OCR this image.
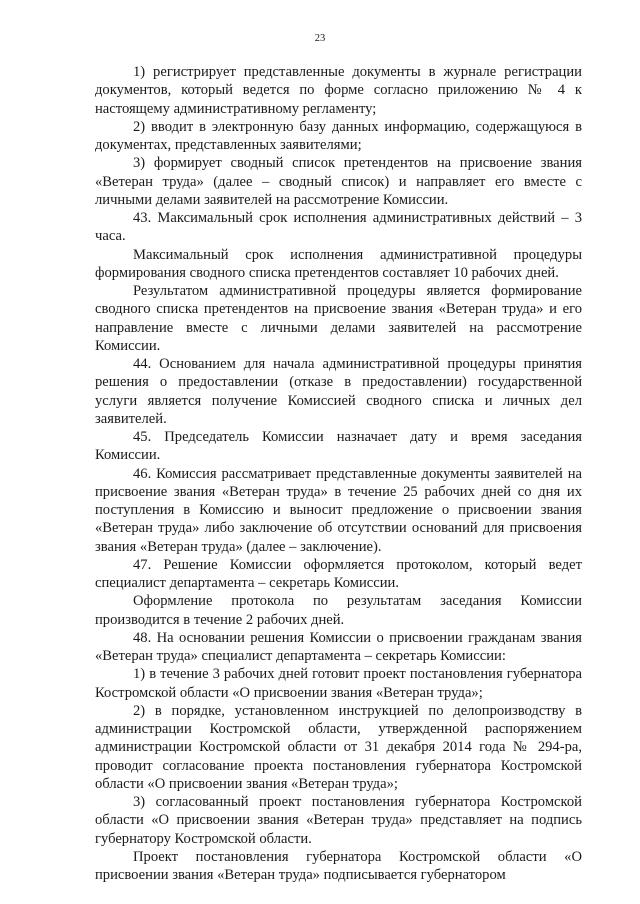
23

1) регистрирует представленные документы в журнале регистрации документов, который ведется по форме согласно приложению № 4 к настоящему административному регламенту;

2) вводит в электронную базу данных информацию, содержащуюся в документах, представленных заявителями;

3) формирует сводный список претендентов на присвоение звания «Ветеран труда» (далее – сводный список) и направляет его вместе с личными делами заявителей на рассмотрение Комиссии.

43. Максимальный срок исполнения административных действий – 3 часа.

Максимальный срок исполнения административной процедуры формирования сводного списка претендентов составляет 10 рабочих дней.

Результатом административной процедуры является формирование сводного списка претендентов на присвоение звания «Ветеран труда» и его направление вместе с личными делами заявителей на рассмотрение Комиссии.

44. Основанием для начала административной процедуры принятия решения о предоставлении (отказе в предоставлении) государственной услуги является получение Комиссией сводного списка и личных дел заявителей.

45. Председатель Комиссии назначает дату и время заседания Комиссии.

46. Комиссия рассматривает представленные документы заявителей на присвоение звания «Ветеран труда» в течение 25 рабочих дней со дня их поступления в Комиссию и выносит предложение о присвоении звания «Ветеран труда» либо заключение об отсутствии оснований для присвоения звания «Ветеран труда» (далее – заключение).

47. Решение Комиссии оформляется протоколом, который ведет специалист департамента – секретарь Комиссии.

Оформление протокола по результатам заседания Комиссии производится в течение 2 рабочих дней.

48. На основании решения Комиссии о присвоении гражданам звания «Ветеран труда» специалист департамента – секретарь Комиссии:

1) в течение 3 рабочих дней готовит проект постановления губернатора Костромской области «О присвоении звания «Ветеран труда»;

2) в порядке, установленном инструкцией по делопроизводству в администрации Костромской области, утвержденной распоряжением администрации Костромской области от 31 декабря 2014 года № 294-ра, проводит согласование проекта постановления губернатора Костромской области «О присвоении звания «Ветеран труда»;

3) согласованный проект постановления губернатора Костромской области «О присвоении звания «Ветеран труда» представляет на подпись губернатору Костромской области.

Проект постановления губернатора Костромской области «О присвоении звания «Ветеран труда» подписывается губернатором
